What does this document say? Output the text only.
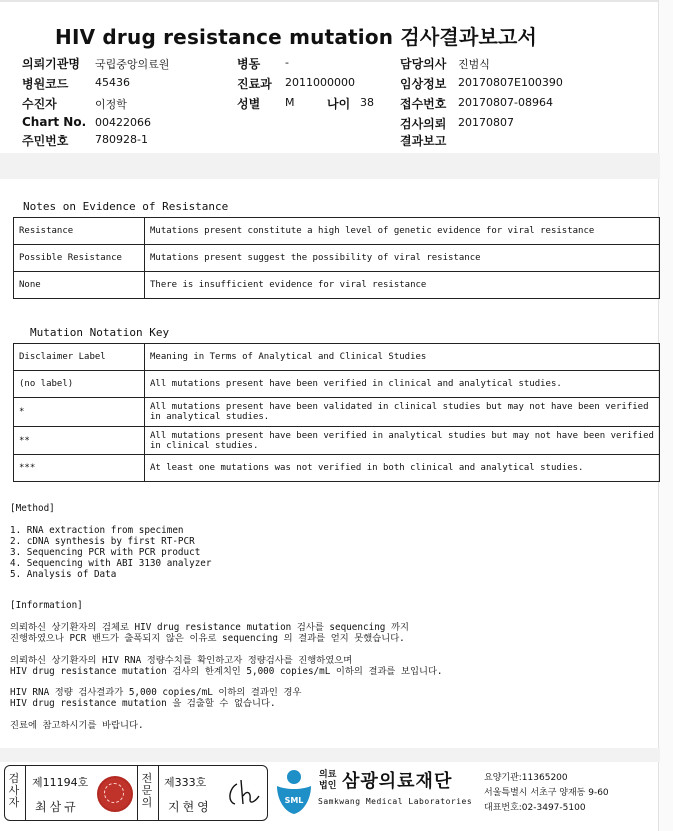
HIV drug resistance mutation 검사결과보고서
의뢰기관명 국립중앙의료원	병동 -	담당의사 진범식
병원코드 45436	진료과 2011000000	임상정보 20170807E100390
수진자	이정학	성별 M	나이 38 접수번호 20170807-08964
Chart No. 00422066	검사의뢰 20170807
주민번호 780928-1	결과보고
Notes on Evidence of Resistance
Resistance	Mutations present constitute a high level of genetic evidence for viral resistance
Possible Resistance	Mutations present suggest the possibility of viral resistance
None	There is insufficient evidence for viral resistance
Mutation Notation Key
Disclaimer Label	Meaning in Terms of Analytical and Clinical Studies
(no label)	All mutations present have been verified in clinical and analytical studies.
*	All mutations present have been validated in clinical studies but may not have been verified
in analytical studies.
**	All mutations present have been verified in analytical studies but may not have been verified
in clinical studies.
***	At least one mutations was not verified in both clinical and analytical studies.
[Method]
1. RNA extraction from specimen
2. cDNA synthesis by first RT-PCR
3. Sequencing PCR with PCR product
4. Sequencing with ABI 3130 analyzer
5. Analysis of Data
[Information]
의뢰하신 상기환자의 검체로 HIV drug resistance mutation 검사를 sequencing 까지
진행하였으나 PCR 밴드가 출폭되지 않은 이유로 sequencing 의 결과를 얻지 못했습니다.
의뢰하신 상기환자의 HIV RNA 정량수치를 확인하고자 정량검사를 진행하였으며
HIV drug resistance mutation 검사의 한계치인 5,000 copies/mL 이하의 결과를 보입니다.
HIV RNA 정량 검사결과가 5,000 copies/mL 이하의 결과인 경우
HIV drug resistance mutation 을 검출할 수 없습니다.
진료에 참고하시기를 바랍니다.
검사자
제11194호
최삼규
전문의
제333호
지현영	SML
의료
법인 삼광의료재단
Samkwang Medical Laboratories
요양기관:11365200
서울특별시 서초구 양재동 9-60
대표번호:02-3497-5100
